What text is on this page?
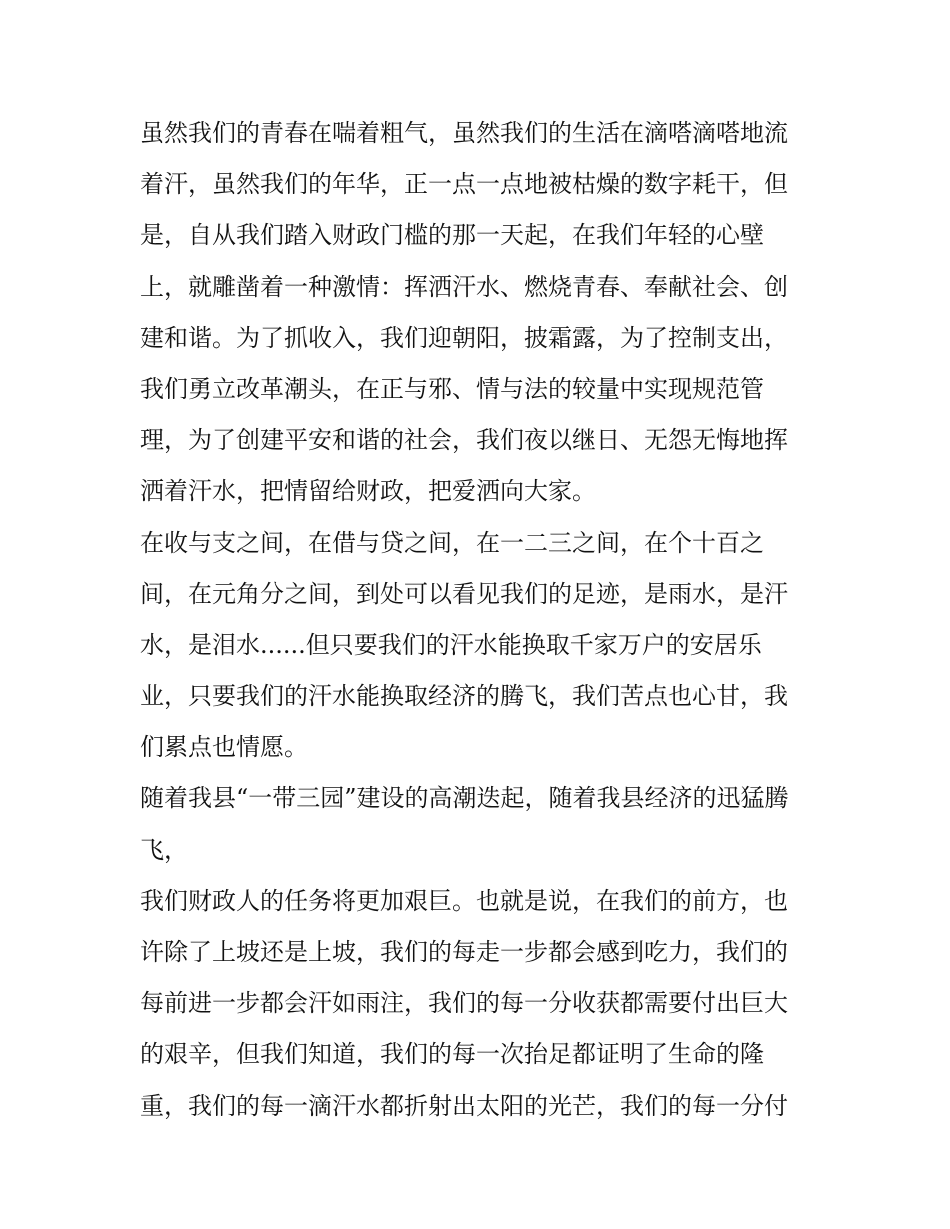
虽然我们的青春在喘着粗气，虽然我们的生活在滴嗒滴嗒地流
着汗，虽然我们的年华，正一点一点地被枯燥的数字耗干，但
是，自从我们踏入财政门槛的那一天起，在我们年轻的心壁
上，就雕凿着一种激情：挥洒汗水、燃烧青春、奉献社会、创
建和谐。为了抓收入，我们迎朝阳，披霜露，为了控制支出，
我们勇立改革潮头，在正与邪、情与法的较量中实现规范管
理，为了创建平安和谐的社会，我们夜以继日、无怨无悔地挥
洒着汗水，把情留给财政，把爱洒向大家。
在收与支之间，在借与贷之间，在一二三之间，在个十百之
间，在元角分之间，到处可以看见我们的足迹，是雨水，是汗
水，是泪水......但只要我们的汗水能换取千家万户的安居乐
业，只要我们的汗水能换取经济的腾飞，我们苦点也心甘，我
们累点也情愿。
随着我县“一带三园”建设的高潮迭起，随着我县经济的迅猛腾
飞，
我们财政人的任务将更加艰巨。也就是说，在我们的前方，也
许除了上坡还是上坡，我们的每走一步都会感到吃力，我们的
每前进一步都会汗如雨注，我们的每一分收获都需要付出巨大
的艰辛，但我们知道，我们的每一次抬足都证明了生命的隆
重，我们的每一滴汗水都折射出太阳的光芒，我们的每一分付
